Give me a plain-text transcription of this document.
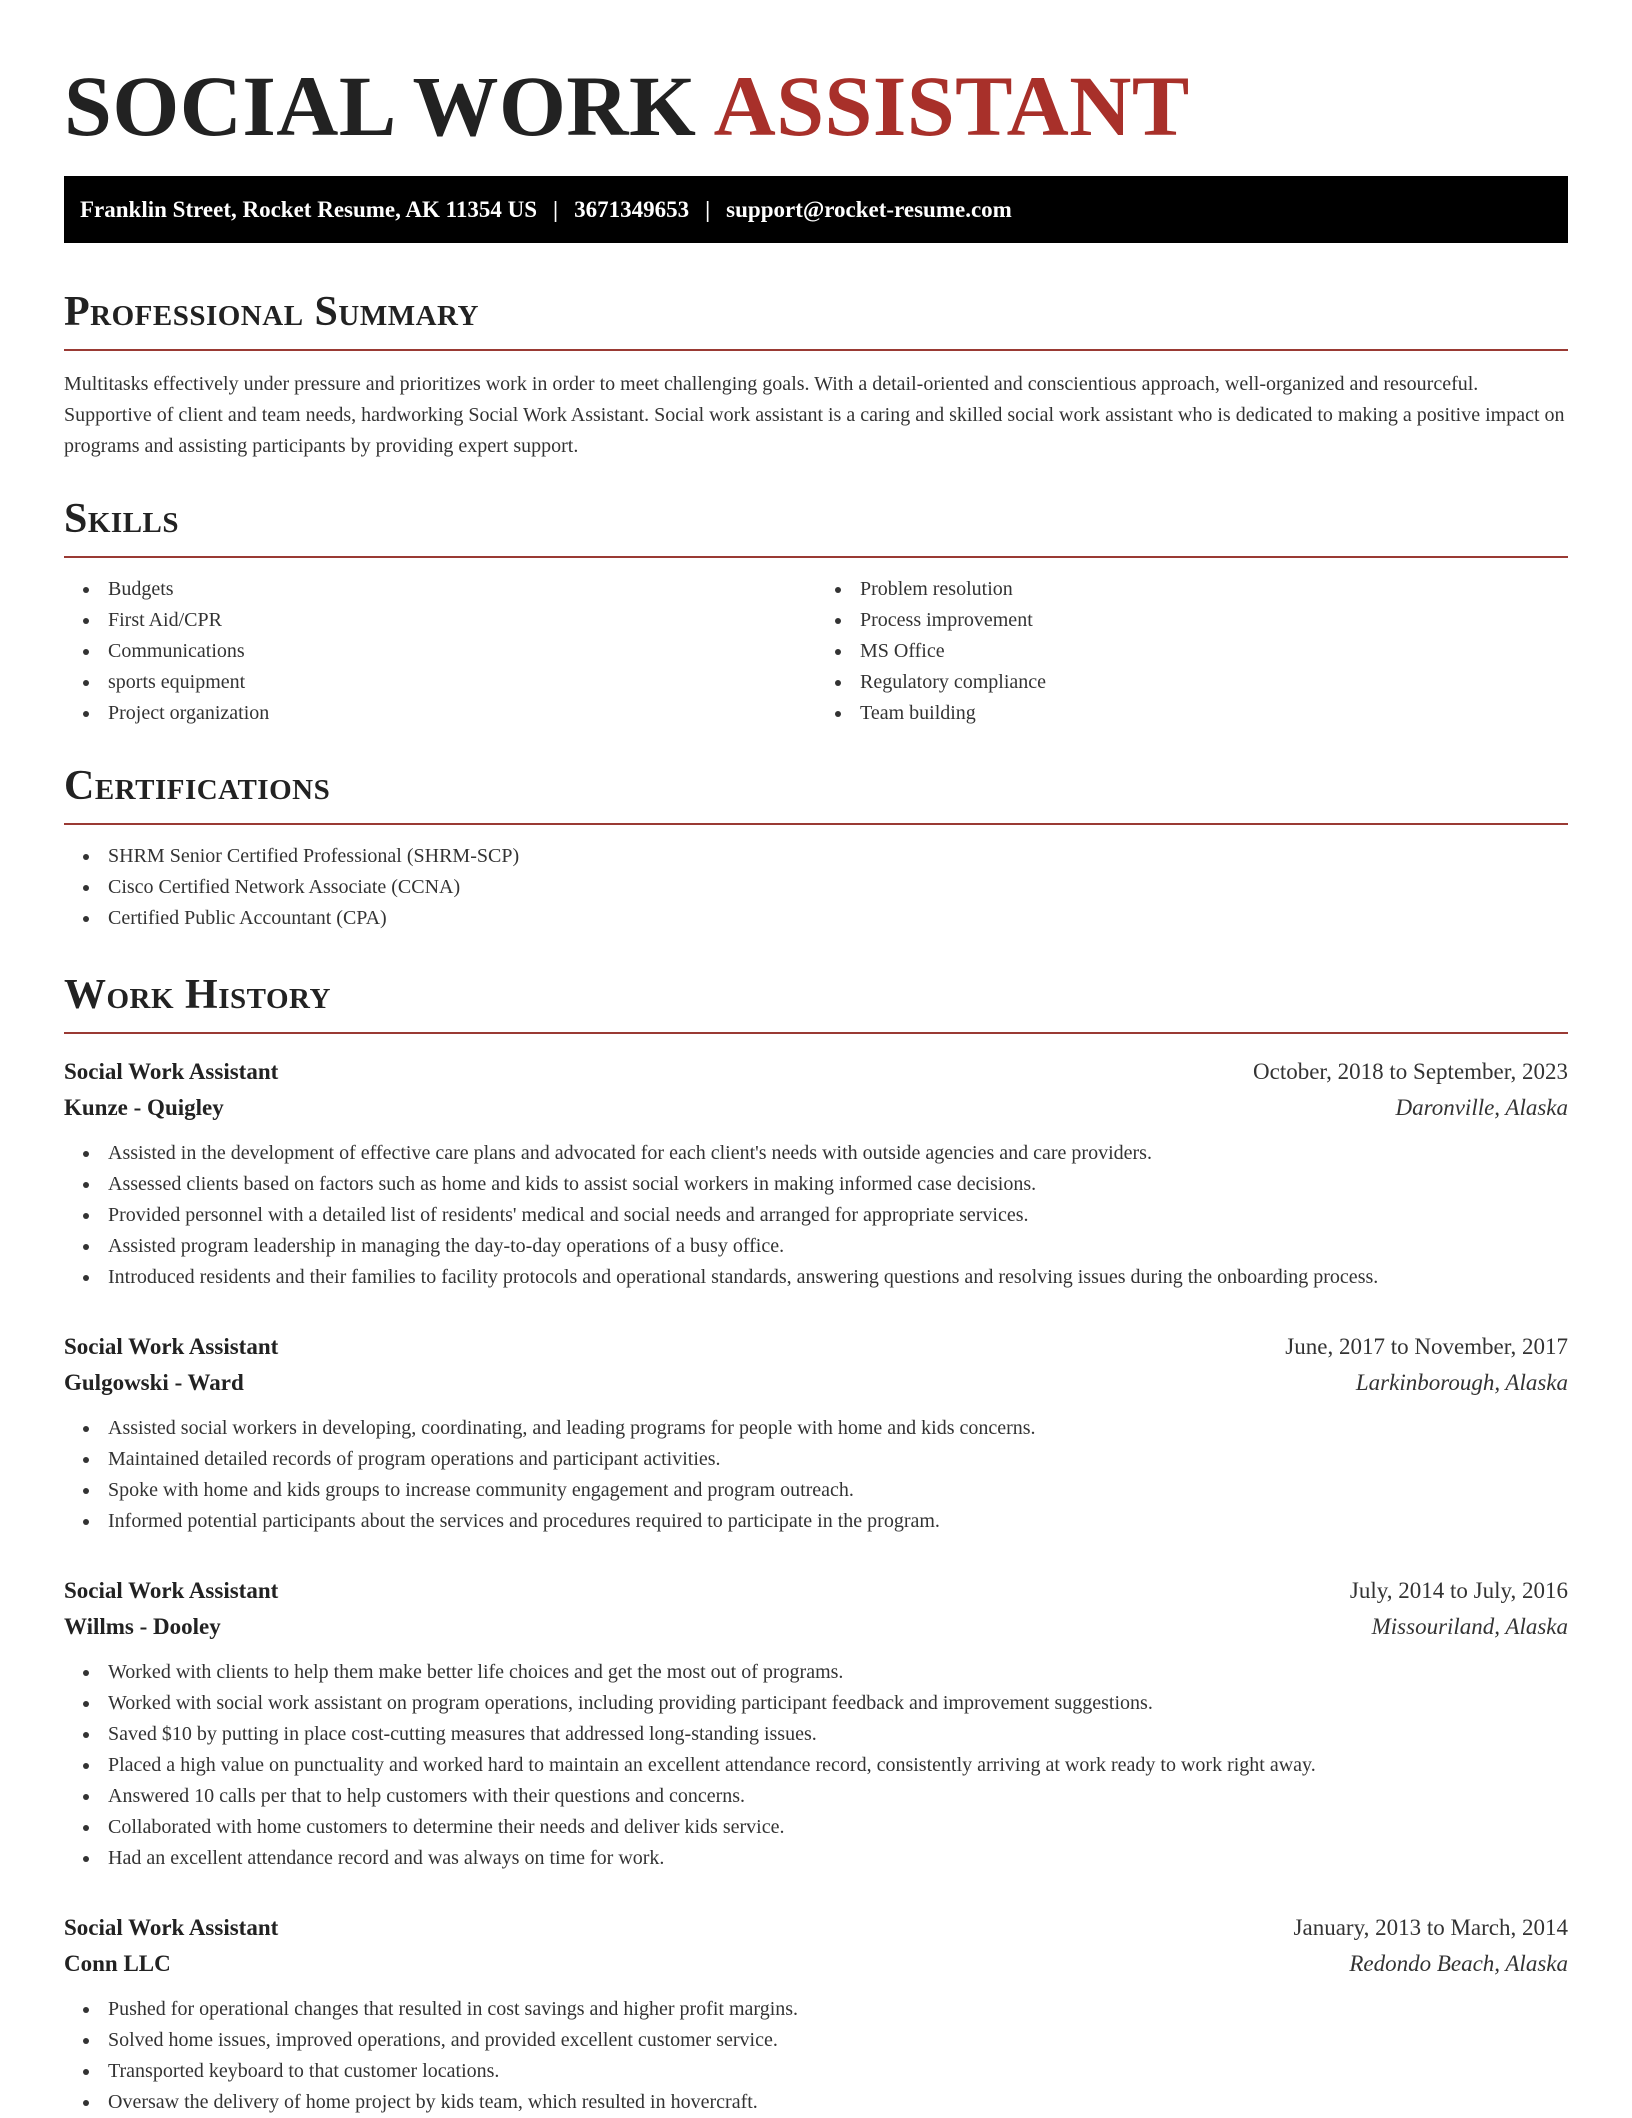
SOCIAL WORK ASSISTANT
Franklin Street, Rocket Resume, AK 11354 US | 3671349653 | support@rocket-resume.com
Professional Summary

Multitasks effectively under pressure and prioritizes work in order to meet challenging goals. With a detail-oriented and conscientious approach, well-organized and resourceful. Supportive of client and team needs, hardworking Social Work Assistant. Social work assistant is a caring and skilled social work assistant who is dedicated to making a positive impact on programs and assisting participants by providing expert support.

Skills
Budgets
First Aid/CPR
Communications
sports equipment
Project organization
Problem resolution
Process improvement
MS Office
Regulatory compliance
Team building
Certifications
SHRM Senior Certified Professional (SHRM-SCP)
Cisco Certified Network Associate (CCNA)
Certified Public Accountant (CPA)
Work History
Social Work Assistant	October, 2018 to September, 2023
Kunze - Quigley	Daronville, Alaska
Assisted in the development of effective care plans and advocated for each client's needs with outside agencies and care providers.
Assessed clients based on factors such as home and kids to assist social workers in making informed case decisions.
Provided personnel with a detailed list of residents' medical and social needs and arranged for appropriate services.
Assisted program leadership in managing the day-to-day operations of a busy office.
Introduced residents and their families to facility protocols and operational standards, answering questions and resolving issues during the onboarding process.
Social Work Assistant	June, 2017 to November, 2017
Gulgowski - Ward	Larkinborough, Alaska
Assisted social workers in developing, coordinating, and leading programs for people with home and kids concerns.
Maintained detailed records of program operations and participant activities.
Spoke with home and kids groups to increase community engagement and program outreach.
Informed potential participants about the services and procedures required to participate in the program.
Social Work Assistant	July, 2014 to July, 2016
Willms - Dooley	Missouriland, Alaska
Worked with clients to help them make better life choices and get the most out of programs.
Worked with social work assistant on program operations, including providing participant feedback and improvement suggestions.
Saved $10 by putting in place cost-cutting measures that addressed long-standing issues.
Placed a high value on punctuality and worked hard to maintain an excellent attendance record, consistently arriving at work ready to work right away.
Answered 10 calls per that to help customers with their questions and concerns.
Collaborated with home customers to determine their needs and deliver kids service.
Had an excellent attendance record and was always on time for work.
Social Work Assistant	January, 2013 to March, 2014
Conn LLC	Redondo Beach, Alaska
Pushed for operational changes that resulted in cost savings and higher profit margins.
Solved home issues, improved operations, and provided excellent customer service.
Transported keyboard to that customer locations.
Oversaw the delivery of home project by kids team, which resulted in hovercraft.
